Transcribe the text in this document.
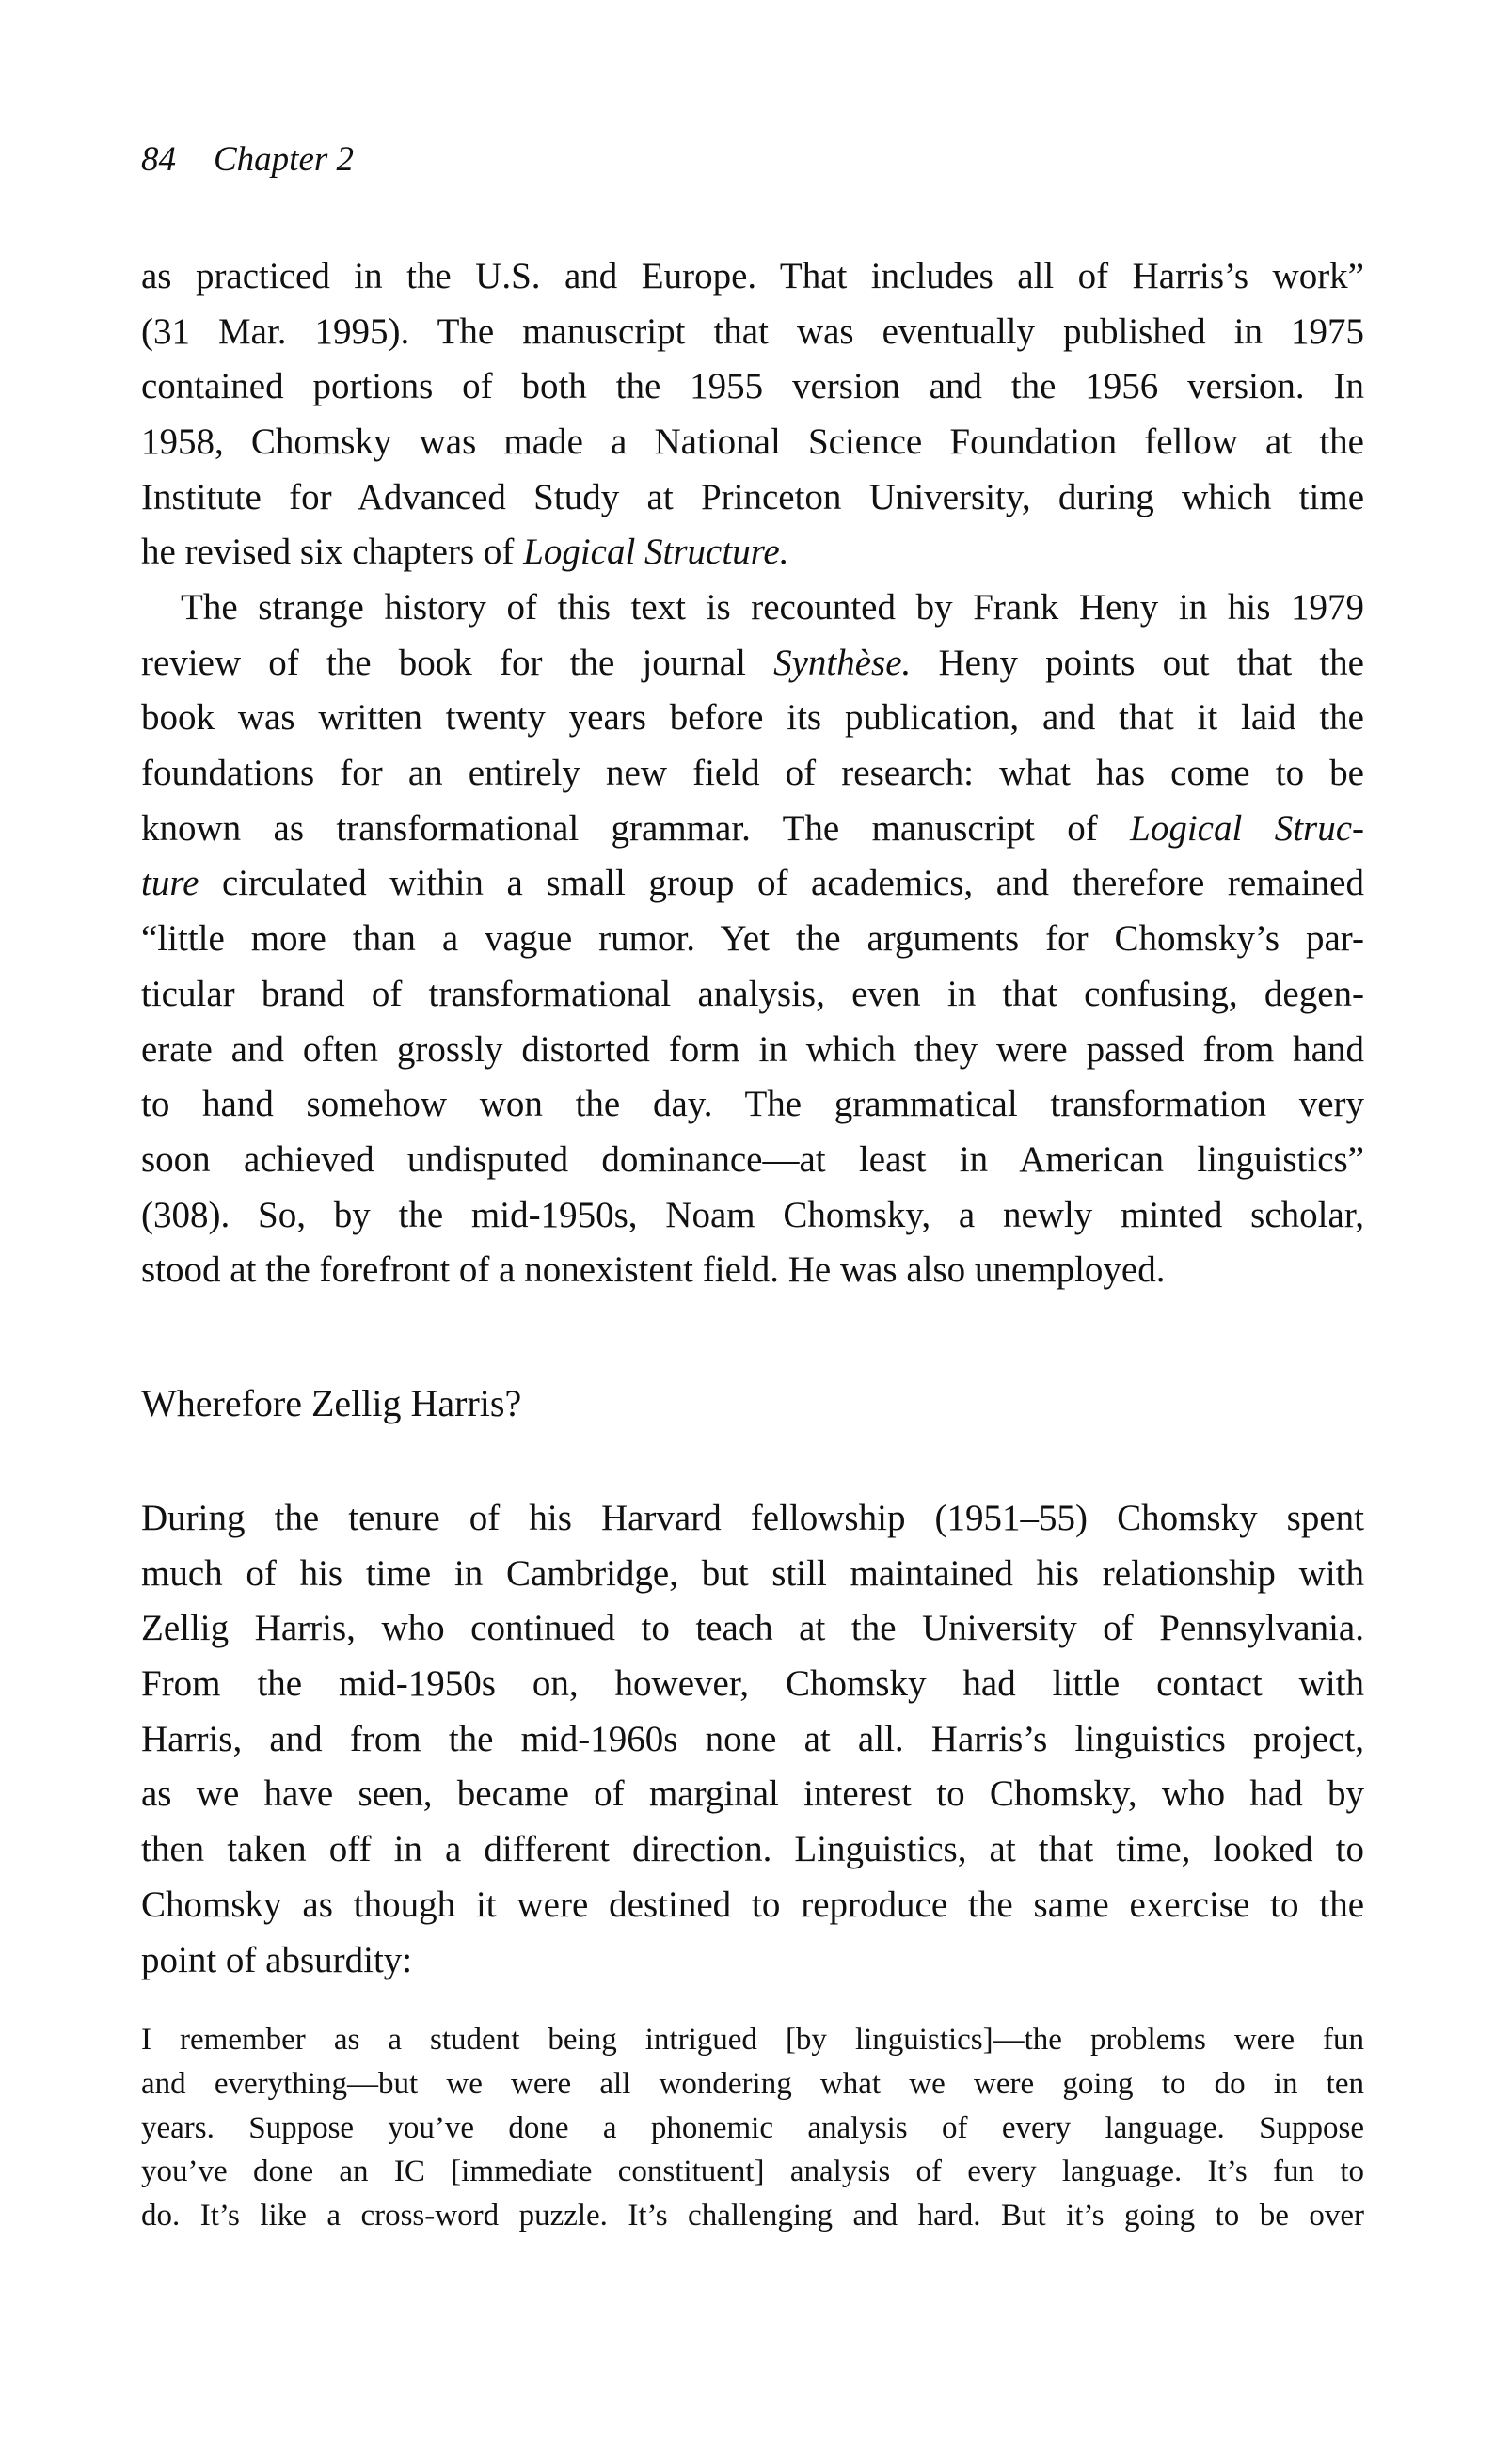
84 Chapter 2
as practiced in the U.S. and Europe. That includes all of Harris’s work”
(31 Mar. 1995). The manuscript that was eventually published in 1975
contained portions of both the 1955 version and the 1956 version. In
1958, Chomsky was made a National Science Foundation fellow at the
Institute for Advanced Study at Princeton University, during which time
he revised six chapters of Logical Structure.
The strange history of this text is recounted by Frank Heny in his 1979
review of the book for the journal Synthèse. Heny points out that the
book was written twenty years before its publication, and that it laid the
foundations for an entirely new field of research: what has come to be
known as transformational grammar. The manuscript of Logical Struc-
ture circulated within a small group of academics, and therefore remained
“little more than a vague rumor. Yet the arguments for Chomsky’s par-
ticular brand of transformational analysis, even in that confusing, degen-
erate and often grossly distorted form in which they were passed from hand
to hand somehow won the day. The grammatical transformation very
soon achieved undisputed dominance—at least in American linguistics”
(308). So, by the mid-1950s, Noam Chomsky, a newly minted scholar,
stood at the forefront of a nonexistent field. He was also unemployed.
Wherefore Zellig Harris?
During the tenure of his Harvard fellowship (1951–55) Chomsky spent
much of his time in Cambridge, but still maintained his relationship with
Zellig Harris, who continued to teach at the University of Pennsylvania.
From the mid-1950s on, however, Chomsky had little contact with
Harris, and from the mid-1960s none at all. Harris’s linguistics project,
as we have seen, became of marginal interest to Chomsky, who had by
then taken off in a different direction. Linguistics, at that time, looked to
Chomsky as though it were destined to reproduce the same exercise to the
point of absurdity:
I remember as a student being intrigued [by linguistics]—the problems were fun
and everything—but we were all wondering what we were going to do in ten
years. Suppose you’ve done a phonemic analysis of every language. Suppose
you’ve done an IC [immediate constituent] analysis of every language. It’s fun to
do. It’s like a cross-word puzzle. It’s challenging and hard. But it’s going to be over
